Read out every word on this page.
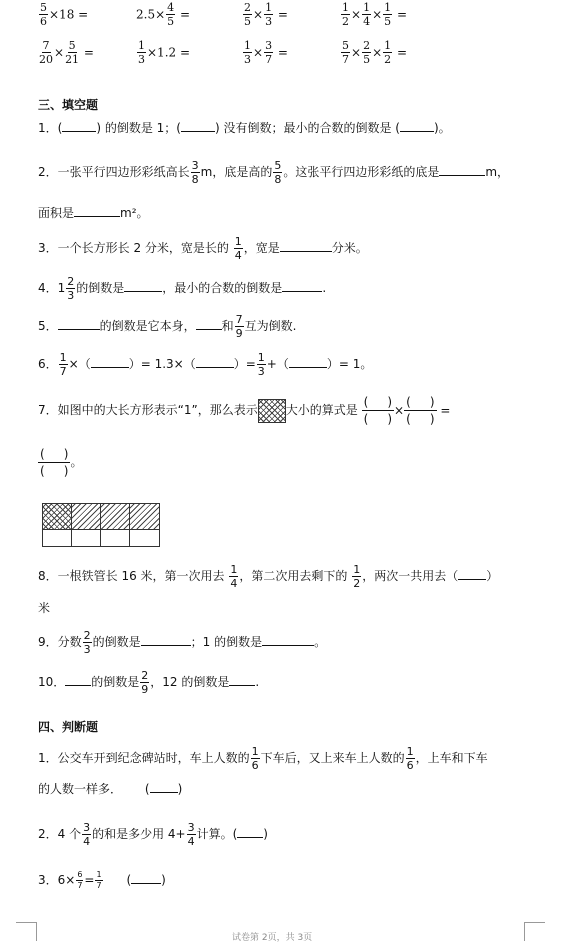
$\frac{5}{6} \times 18$ =	$2.5\times \frac{4}{5}$ =	$\frac{2}{5} \times \frac{1}{3}$ =	$\frac{1}{2} \times \frac{1}{4} \times \frac{1}{5}$ =
$\frac{7}{20} \times \frac{5}{21}$ =	$\frac{1}{3} \times 1.2$ =	$\frac{1}{3} \times \frac{3}{7}$ =	$\frac{5}{7} \times \frac{2}{5} \times \frac{1}{2}$ =
三、填空题
1．(	) 的倒数是 1；(	) 没有倒数；最小的合数的倒数是 (	)。
2．一张平行四边形彩纸高长 $\frac{3}{8}$ m，底是高的 $\frac{5}{8}$ 。这张平行四边形彩纸的底是	m，
面积是	m²。
3．一个长方形长 2 分米，宽是长的 $\frac{1}{4}$ ，宽是	分米。
4．$1 \frac{2}{3}$ 的倒数是	，最小的合数的倒数是	.
5．	的倒数是它本身， 和 $\frac{7}{9}$ 互为倒数.
6． $\frac{1}{7}$ ×（	）= 1.3×（	）= $\frac{1}{3}$ +（	）= 1。
7．如图中的大长方形表示“1”，那么表示 大小的算式是 $\frac{( )}{( )} \times \frac{( )}{( )}$ =
$\frac{( )}{( )}$ 。
8．一根铁管长 16 米，第一次用去 $\frac{1}{4}$ ，第二次用去剩下的 $\frac{1}{2}$ ，两次一共用去（ ）
米
9．分数 $\frac{2}{3}$ 的倒数是	；1 的倒数是	。
10． 的倒数是 $\frac{2}{9}$ ，12 的倒数是 .
四、判断题
1．公交车开到纪念碑站时，车上人数的 $\frac{1}{6}$ 下车后，又上来车上人数的 $\frac{1}{6}$ ，上车和下车
的人数一样多． ( )
2．4 个 $\frac{3}{4}$ 的和是多少用 $4+ \frac{3}{4}$ 计算。( )
3．$6\times \frac{6}{7} = \frac{1}{7}$ (	)
试卷第 2页，共 3页
